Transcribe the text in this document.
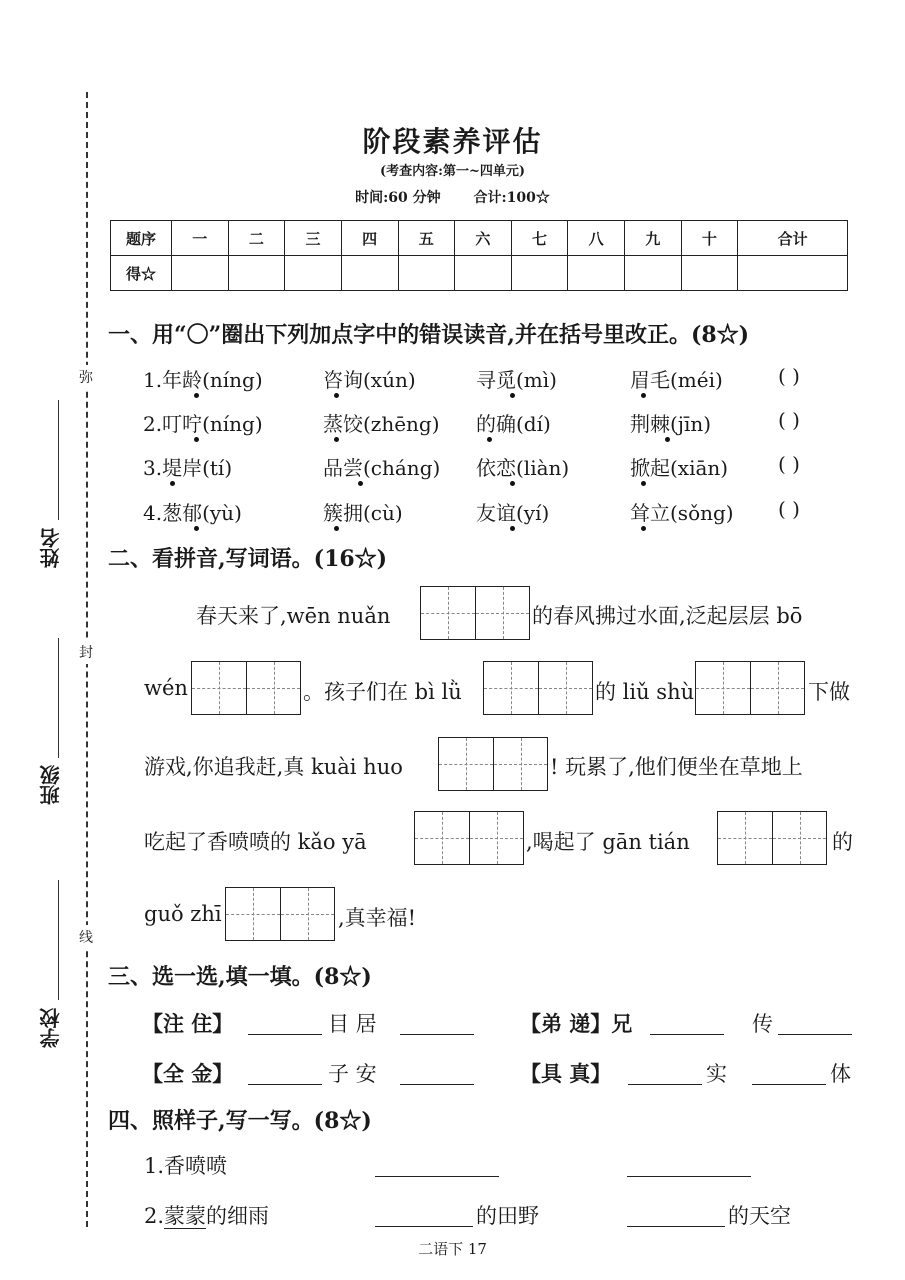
弥
封
线
姓名
班级
学校
阶段素养评估
(考查内容:第一~四单元)
时间:60 分钟 合计:100☆
题序	一	二	三	四	五	六	七	八	九	十	合计
得☆											
一、用“〇”圈出下列加点字中的错误读音,并在括号里改正。(8☆)
1.年龄(níng)	咨询(xún)	寻觅(mì)	眉毛(méi)	( )
2.叮咛(níng)	蒸饺(zhēng) 的确(dí)	荆棘(jīn)	( )
3.堤岸(tí)	品尝(cháng) 依恋(liàn)	掀起(xiān) ( )
4.葱郁(yù)	簇拥(cù)	友谊(yí)	耸立(sǒng) ( )
二、看拼音,写词语。(16☆)
春天来了,wēn nuǎn	的春风拂过水面,泛起层层 bō
wén	。孩子们在 bì lǜ	的 liǔ shù	下做
游戏,你追我赶,真 kuài huo	! 玩累了,他们便坐在草地上
吃起了香喷喷的 kǎo yā	,喝起了 gān tián	的
guǒ zhī	,真幸福!
三、选一选,填一填。(8☆)
【注 住】	目 居	【弟 递】兄	传
【全 金】	子 安	【具 真】	实	体
四、照样子,写一写。(8☆)
1.香喷喷
2.蒙蒙的细雨	的田野	的天空
二语下 17
